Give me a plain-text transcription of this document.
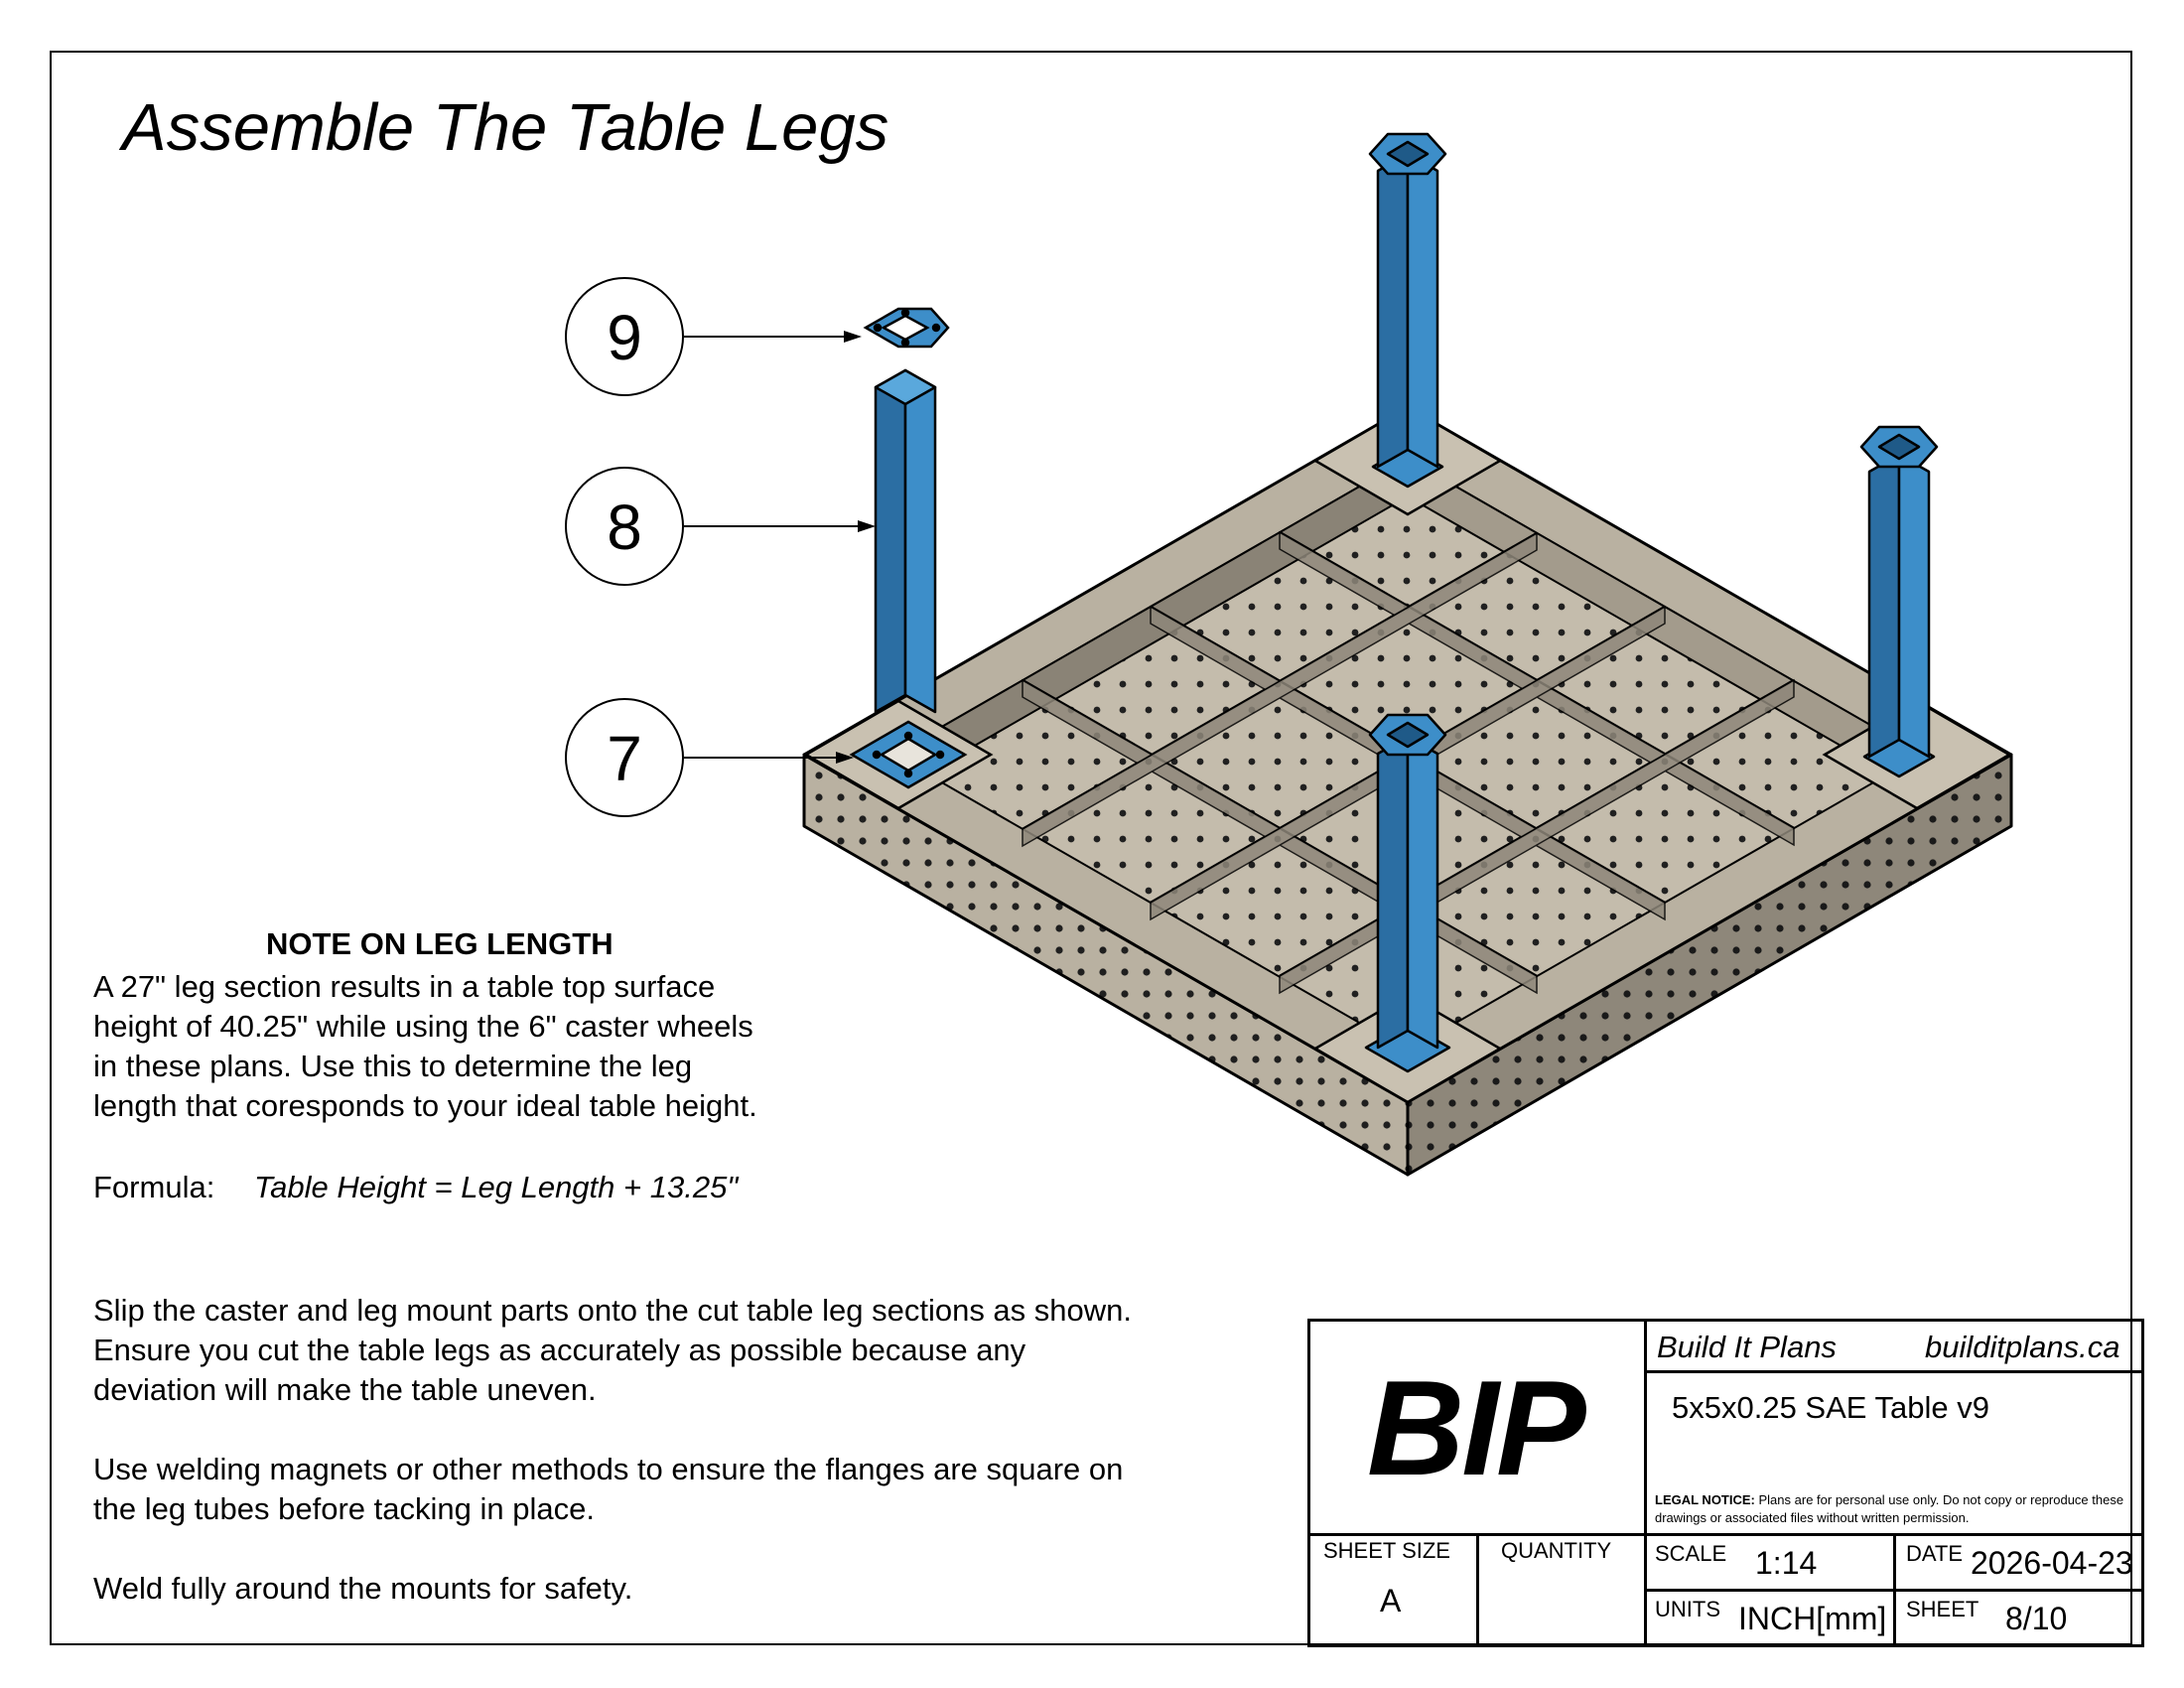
Assemble The Table Legs
9
8
7
NOTE ON LEG LENGTH
A 27" leg section results in a table top surface
height of 40.25" while using the 6" caster wheels
in these plans. Use this to determine the leg
length that coresponds to your ideal table height.
Formula: Table Height = Leg Length + 13.25"
Slip the caster and leg mount parts onto the cut table leg sections as shown.
Ensure you cut the table legs as accurately as possible because any
deviation will make the table uneven.
Use welding magnets or other methods to ensure the flanges are square on
the leg tubes before tacking in place.
Weld fully around the mounts for safety.
BIP
Build It Plans	builditplans.ca
5x5x0.25 SAE Table v9
LEGAL NOTICE: Plans are for personal use only. Do not copy or reproduce these drawings or associated files without written permission.
SHEET SIZE
A
QUANTITY SCALE 1:14	DATE 2026-04-23
UNITS INCH[mm] SHEET 8/10
